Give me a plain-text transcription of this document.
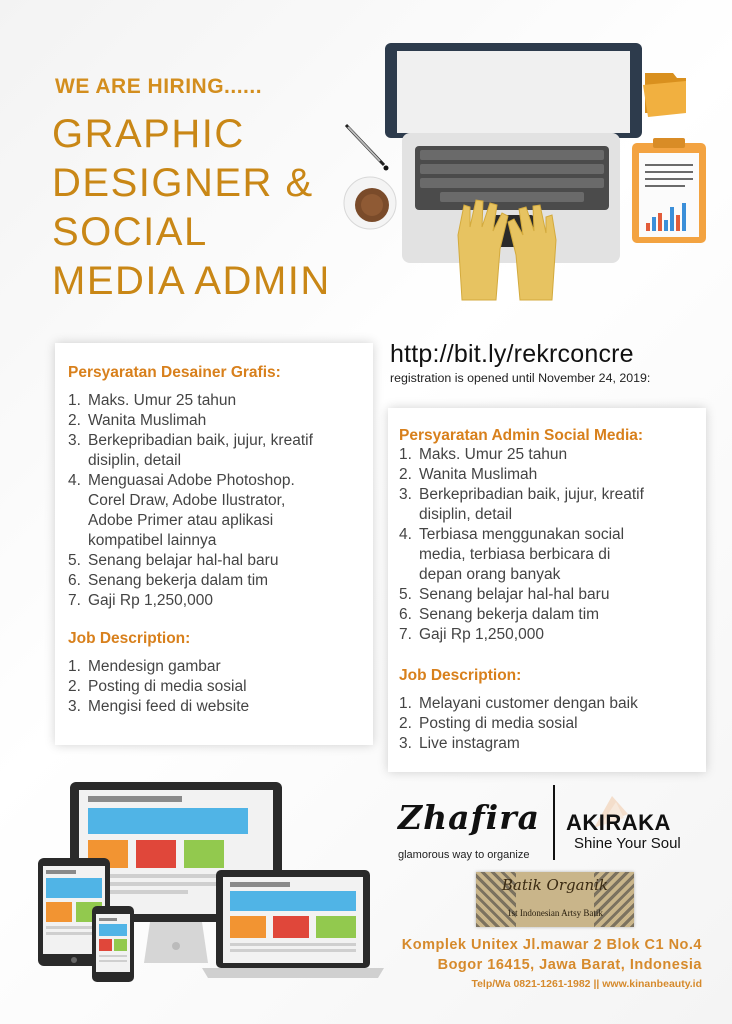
WE ARE HIRING......
GRAPHIC
DESIGNER &
SOCIAL
MEDIA ADMIN
http://bit.ly/rekrconcre
registration is opened until November 24, 2019:
Persyaratan Desainer Grafis:
1. Maks. Umur 25 tahun
2. Wanita Muslimah
3. Berkepribadian baik, jujur, kreatif
disiplin, detail
4. Menguasai Adobe Photoshop.
Corel Draw, Adobe Ilustrator,
Adobe Primer atau aplikasi
kompatibel lainnya
5. Senang belajar hal-hal baru
6. Senang bekerja dalam tim
7. Gaji Rp 1,250,000
Job Description:
1. Mendesign gambar
2. Posting di media sosial
3. Mengisi feed di website
Persyaratan Admin Social Media:
1. Maks. Umur 25 tahun
2. Wanita Muslimah
3. Berkepribadian baik, jujur, kreatif
disiplin, detail
4. Terbiasa menggunakan social
media, terbiasa berbicara di
depan orang banyak
5. Senang belajar hal-hal baru
6. Senang bekerja dalam tim
7. Gaji Rp 1,250,000
Job Description:
1. Melayani customer dengan baik
2. Posting di media sosial
3. Live instagram
Zhafira
glamorous way to organize
AKIRAKA
Shine Your Soul
Batik Organik
1st Indonesian Artsy Batik
Komplek Unitex Jl.mawar 2 Blok C1 No.4
Bogor 16415, Jawa Barat, Indonesia
Telp/Wa 0821-1261-1982 || www.kinanbeauty.id
